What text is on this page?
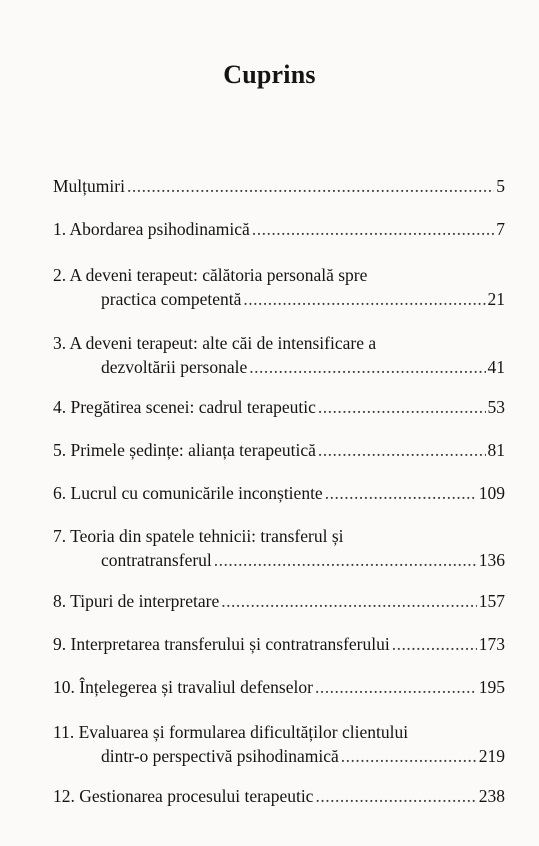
Cuprins
Mulțumiri .....	5
1. Abordarea psihodinamică .....	7
2. A deveni terapeut: călătoria personală spre
practica competentă .....	21
3. A deveni terapeut: alte căi de intensificare a
dezvoltării personale .....	41
4. Pregătirea scenei: cadrul terapeutic .....	53
5. Primele ședințe: alianța terapeutică .....	81
6. Lucrul cu comunicările inconștiente .....	109
7. Teoria din spatele tehnicii: transferul și
contratransferul .....	136
8. Tipuri de interpretare .....	157
9. Interpretarea transferului și contratransferului .....	173
10. Înțelegerea și travaliul defenselor .....	195
11. Evaluarea și formularea dificultăților clientului
dintr-o perspectivă psihodinamică .....	219
12. Gestionarea procesului terapeutic .....	238
